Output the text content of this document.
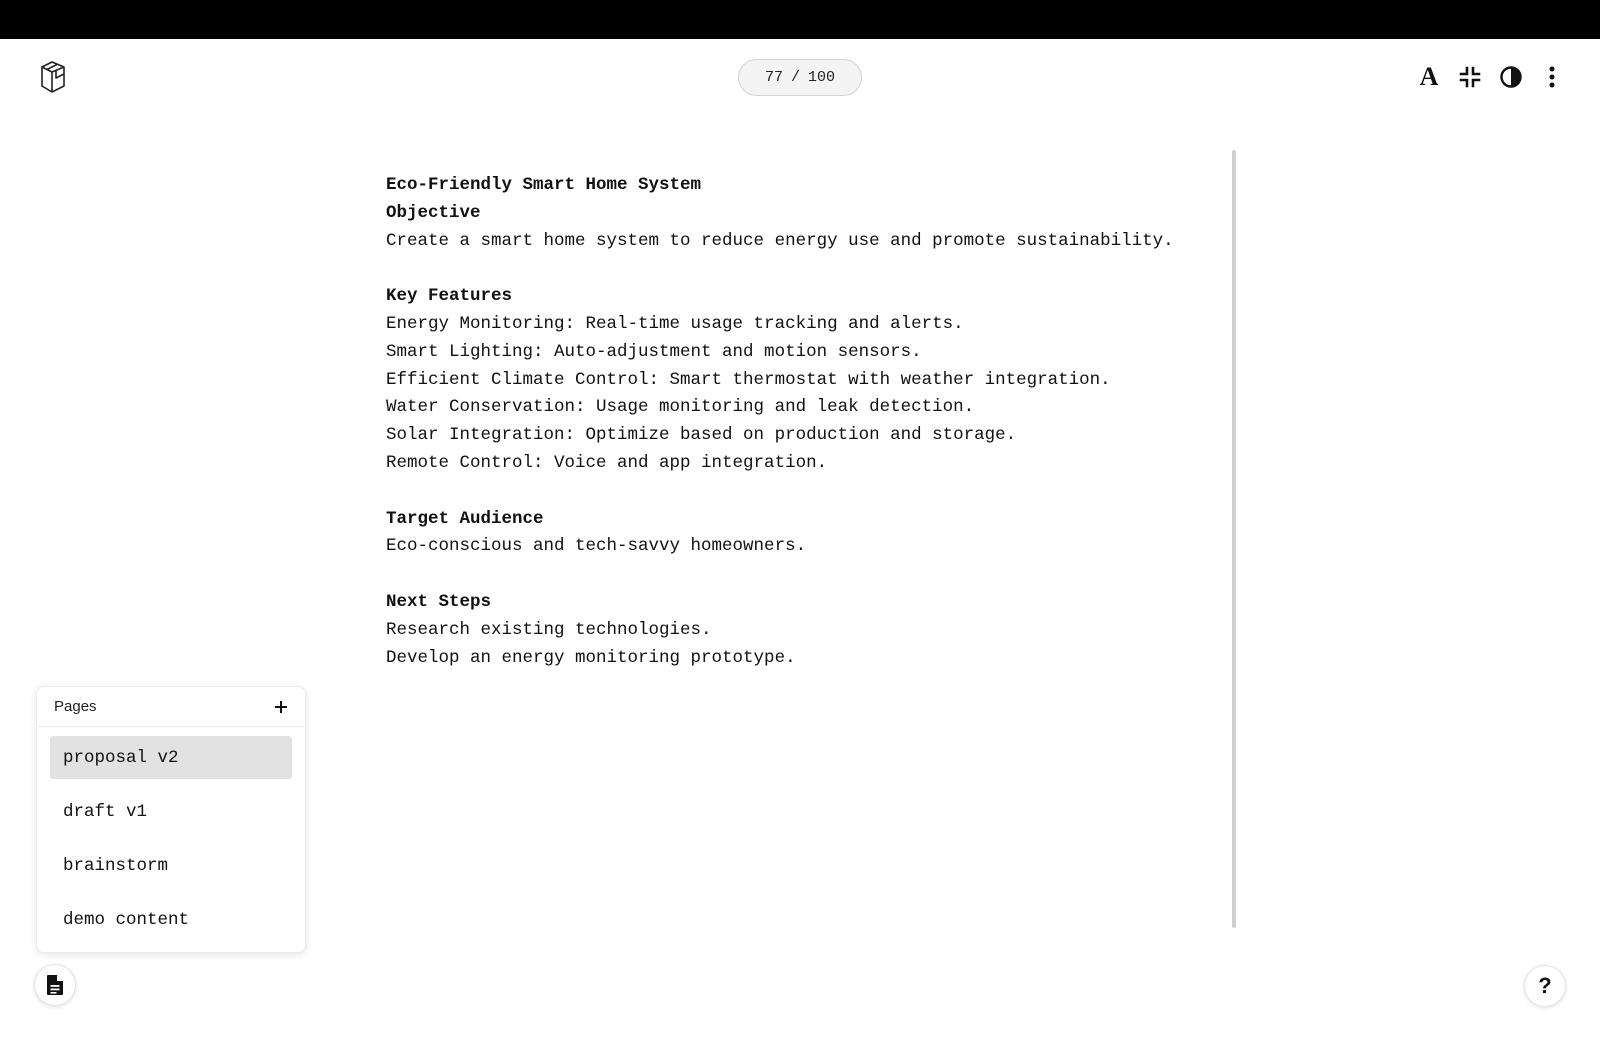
77 / 100	A
Eco-Friendly Smart Home System
Objective
Create a smart home system to reduce energy use and promote sustainability.
Key Features
Energy Monitoring: Real-time usage tracking and alerts.
Smart Lighting: Auto-adjustment and motion sensors.
Efficient Climate Control: Smart thermostat with weather integration.
Water Conservation: Usage monitoring and leak detection.
Solar Integration: Optimize based on production and storage.
Remote Control: Voice and app integration.
Target Audience
Eco-conscious and tech-savvy homeowners.
Next Steps
Research existing technologies.
Develop an energy monitoring prototype.
Pages
proposal v2
draft v1
brainstorm
demo content
?
